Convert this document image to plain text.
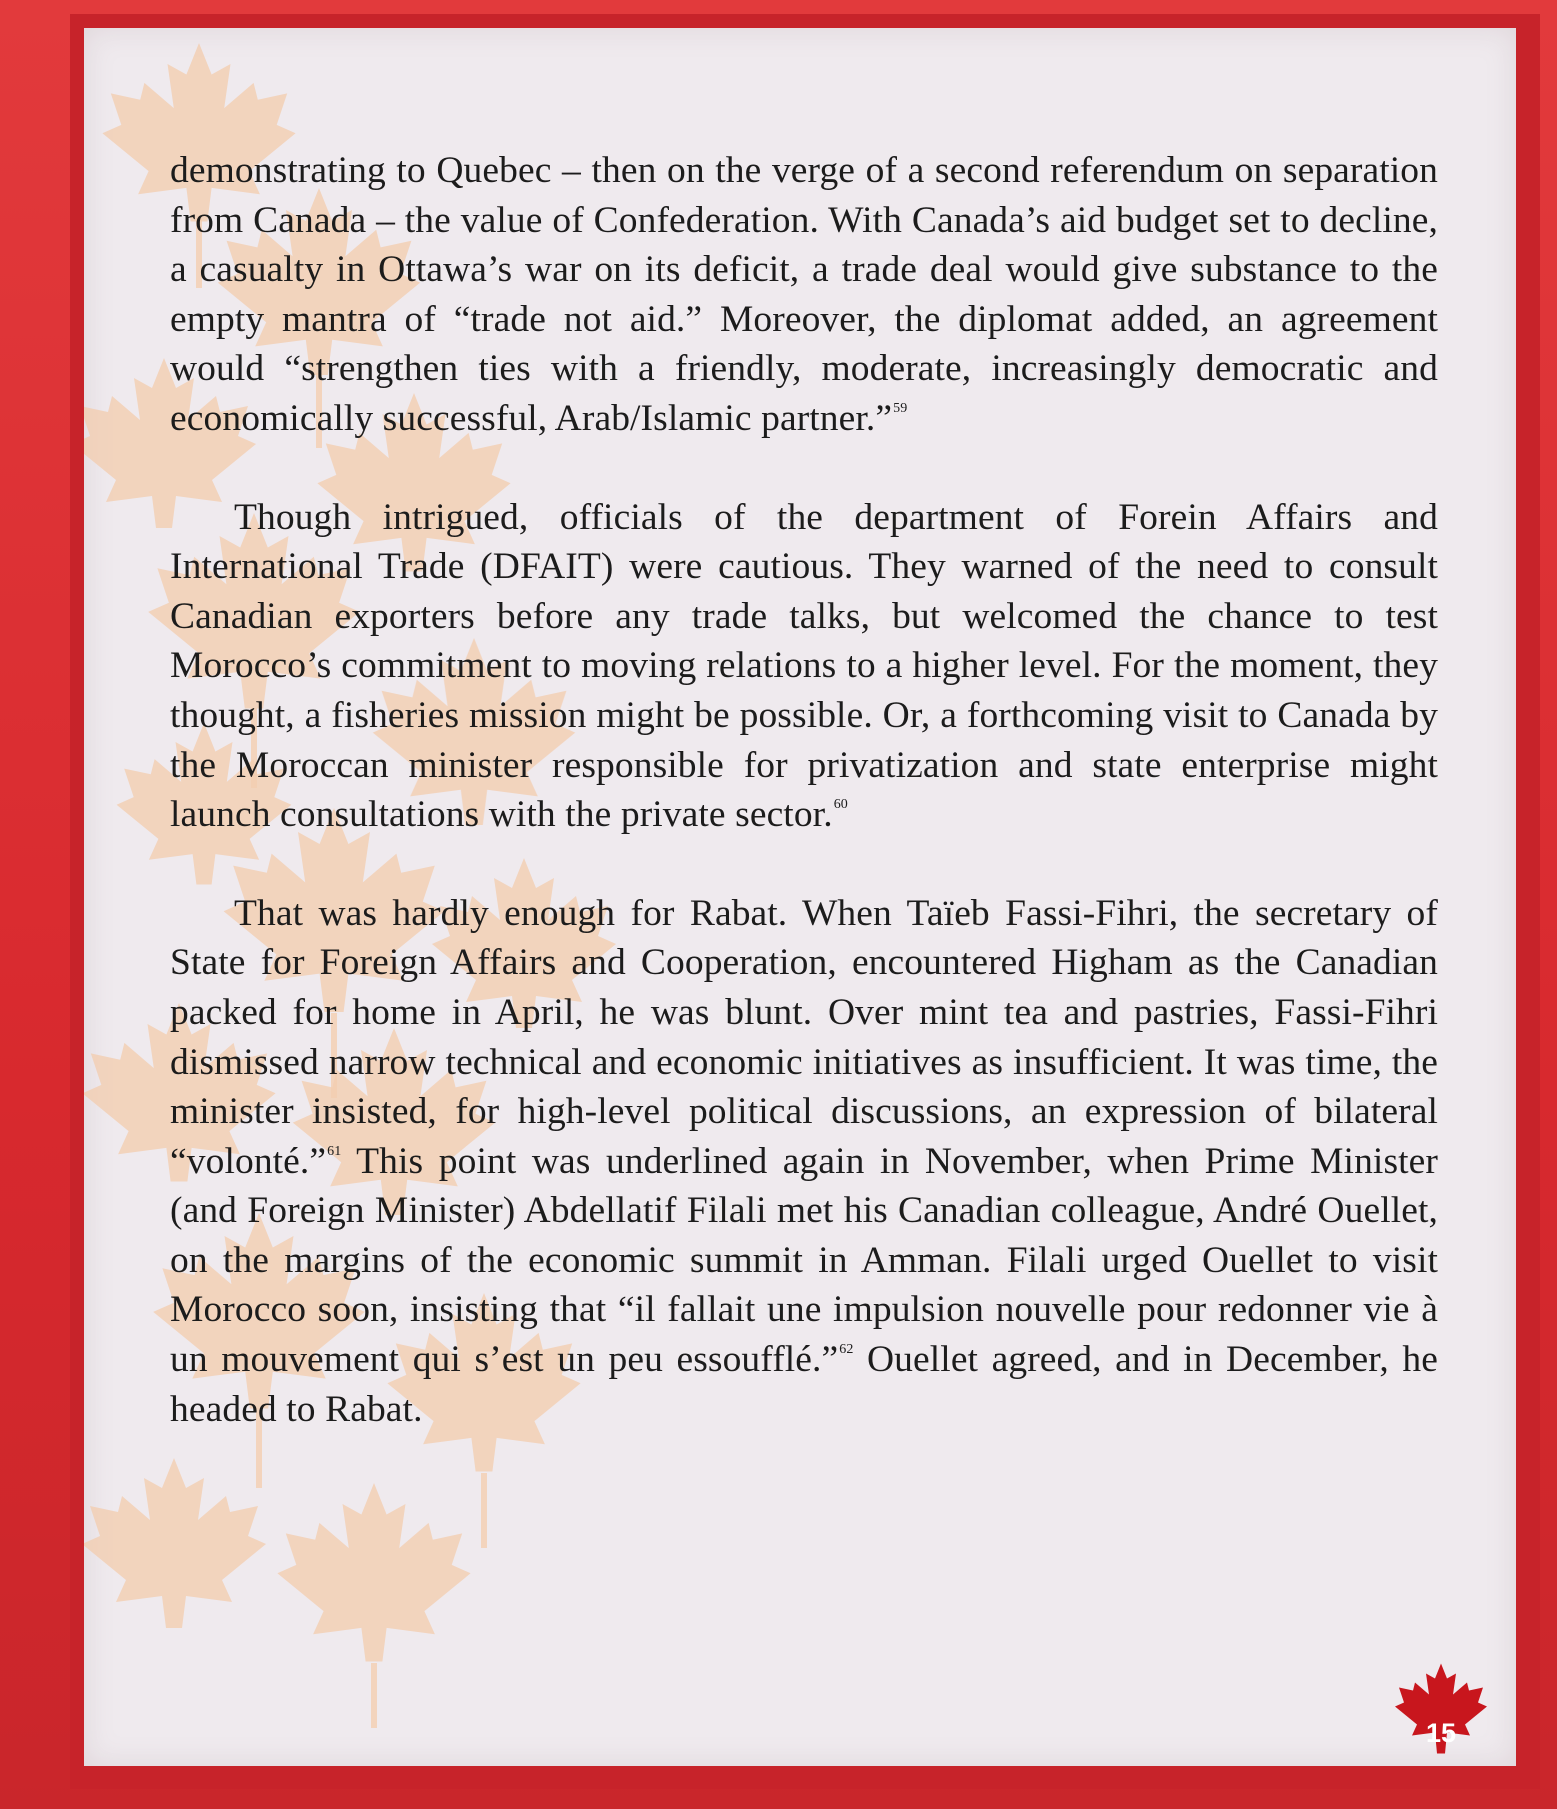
demonstrating to Quebec – then on the verge of a second referendum on separation from Canada – the value of Confederation. With Canada’s aid budget set to decline, a casualty in Ottawa’s war on its deficit, a trade deal would give substance to the empty mantra of “trade not aid.” Moreover, the diplomat added, an agreement would “strengthen ties with a friendly, moderate, increasingly democratic and economically successful, Arab/Islamic partner.”$^{59}$

Though intrigued, officials of the department of Forein Affairs and International Trade (DFAIT) were cautious. They warned of the need to consult Canadian exporters before any trade talks, but welcomed the chance to test Morocco’s commitment to moving relations to a higher level. For the moment, they thought, a fisheries mission might be possible. Or, a forthcoming visit to Canada by the Moroccan minister responsible for privatization and state enterprise might launch consultations with the private sector.$^{60}$

That was hardly enough for Rabat. When Taïeb Fassi-Fihri, the secretary of State for Foreign Affairs and Cooperation, encountered Higham as the Canadian packed for home in April, he was blunt. Over mint tea and pastries, Fassi-Fihri dismissed narrow technical and economic initiatives as insufficient. It was time, the minister insisted, for high-level political discussions, an expression of bilateral “volonté.”$^{61}$ This point was underlined again in November, when Prime Minister (and Foreign Minister) Abdellatif Filali met his Canadian colleague, André Ouellet, on the margins of the economic summit in Amman. Filali urged Ouellet to visit Morocco soon, insisting that “il fallait une impulsion nouvelle pour redonner vie à un mouvement qui s’est un peu essoufflé.”$^{62}$ Ouellet agreed, and in December, he headed to Rabat.

15
